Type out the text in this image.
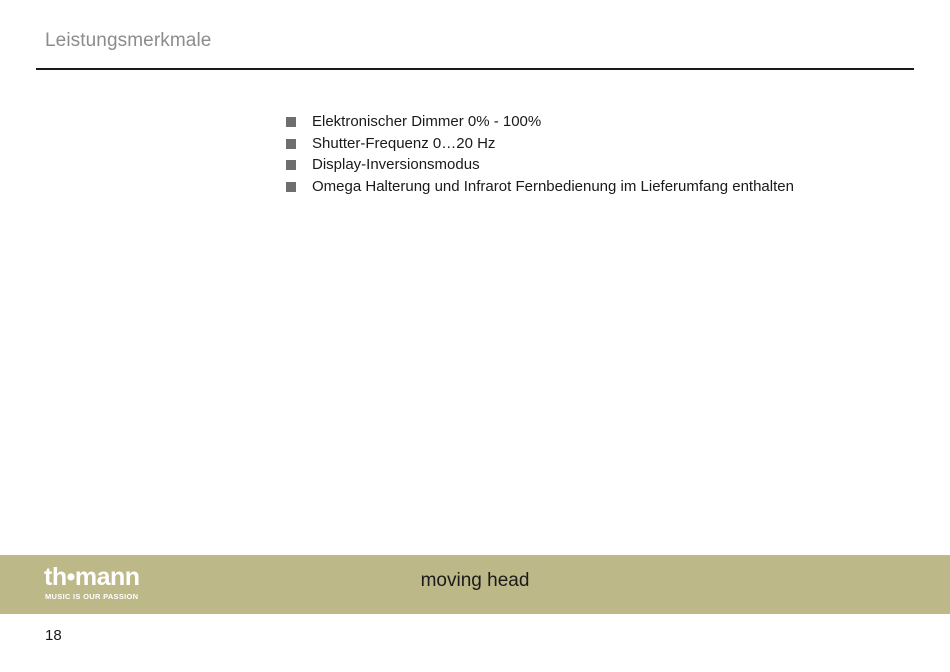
Leistungsmerkmale
Elektronischer Dimmer 0% - 100%
Shutter-Frequenz 0…20 Hz
Display-Inversionsmodus
Omega Halterung und Infrarot Fernbedienung im Lieferumfang enthalten
th•mann
MUSIC IS OUR PASSION
moving head
18
